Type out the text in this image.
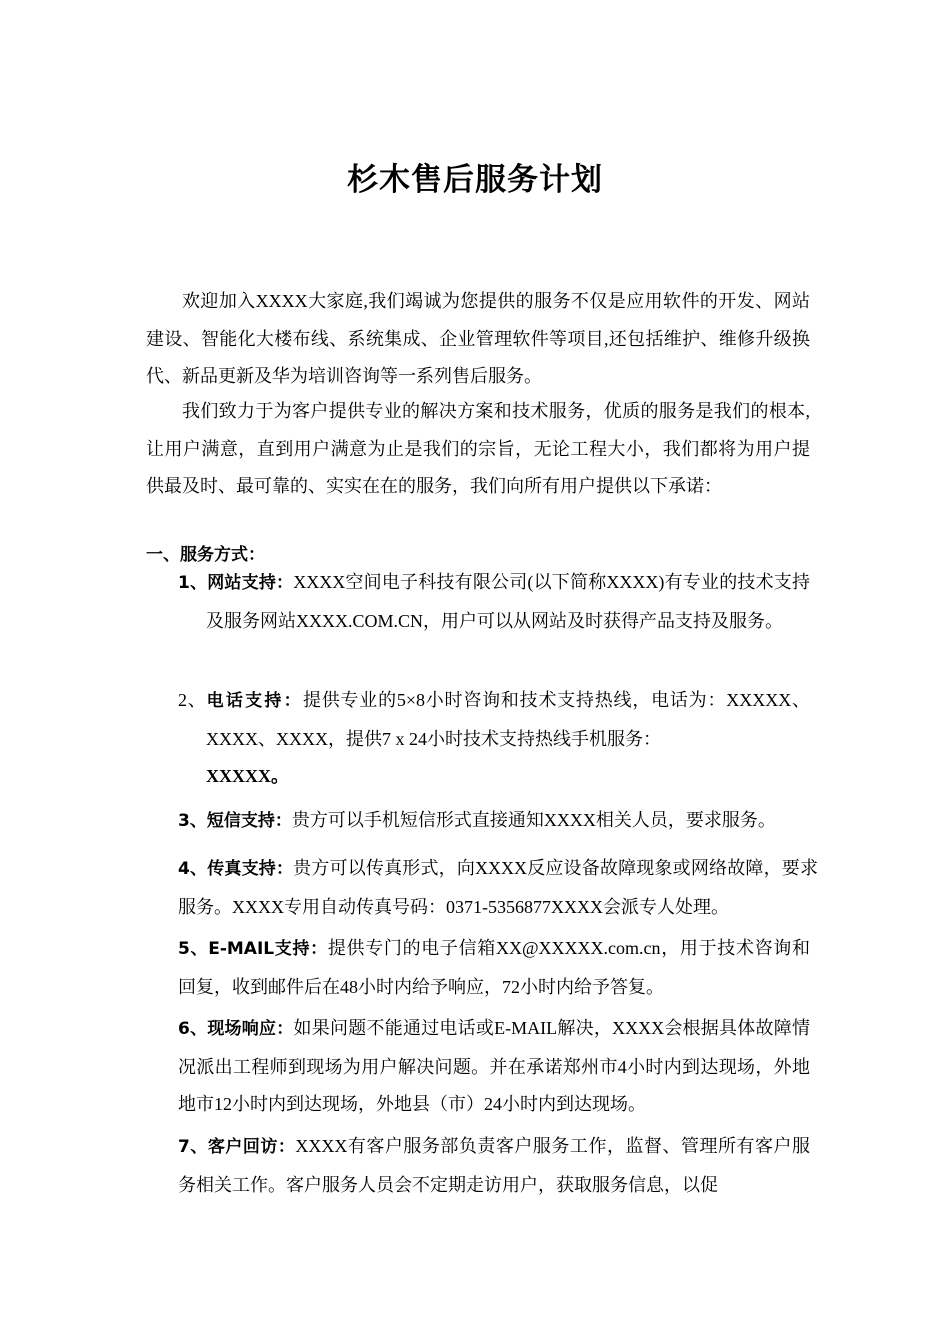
杉木售后服务计划

欢迎加入XXXX大家庭,我们竭诚为您提供的服务不仅是应用软件的开发、网站建设、智能化大楼布线、系统集成、企业管理软件等项目,还包括维护、维修升级换代、新品更新及华为培训咨询等一系列售后服务。

我们致力于为客户提供专业的解决方案和技术服务，优质的服务是我们的根本,让用户满意，直到用户满意为止是我们的宗旨，无论工程大小，我们都将为用户提供最及时、最可靠的、实实在在的服务，我们向所有用户提供以下承诺：

一、服务方式：
1、网站支持：XXXX空间电子科技有限公司(以下简称XXXX)有专业的技术支持及服务网站XXXX.COM.CN，用户可以从网站及时获得产品支持及服务。
2、电话支持：提供专业的5×8小时咨询和技术支持热线，电话为：XXXXX、XXXX、XXXX，提供7 x 24小时技术支持热线手机服务：
XXXXX。
3、短信支持：贵方可以手机短信形式直接通知XXXX相关人员，要求服务。
4、传真支持：贵方可以传真形式，向XXXX反应设备故障现象或网络故障，要求服务。XXXX专用自动传真号码：0371-5356877XXXX会派专人处理。
5、E-MAIL支持：提供专门的电子信箱XX@XXXXX.com.cn，用于技术咨询和回复，收到邮件后在48小时内给予响应，72小时内给予答复。
6、现场响应：如果问题不能通过电话或E-MAIL解决，XXXX会根据具体故障情况派出工程师到现场为用户解决问题。并在承诺郑州市4小时内到达现场，外地地市12小时内到达现场，外地县（市）24小时内到达现场。
7、客户回访：XXXX有客户服务部负责客户服务工作，监督、管理所有客户服务相关工作。客户服务人员会不定期走访用户，获取服务信息，以促
